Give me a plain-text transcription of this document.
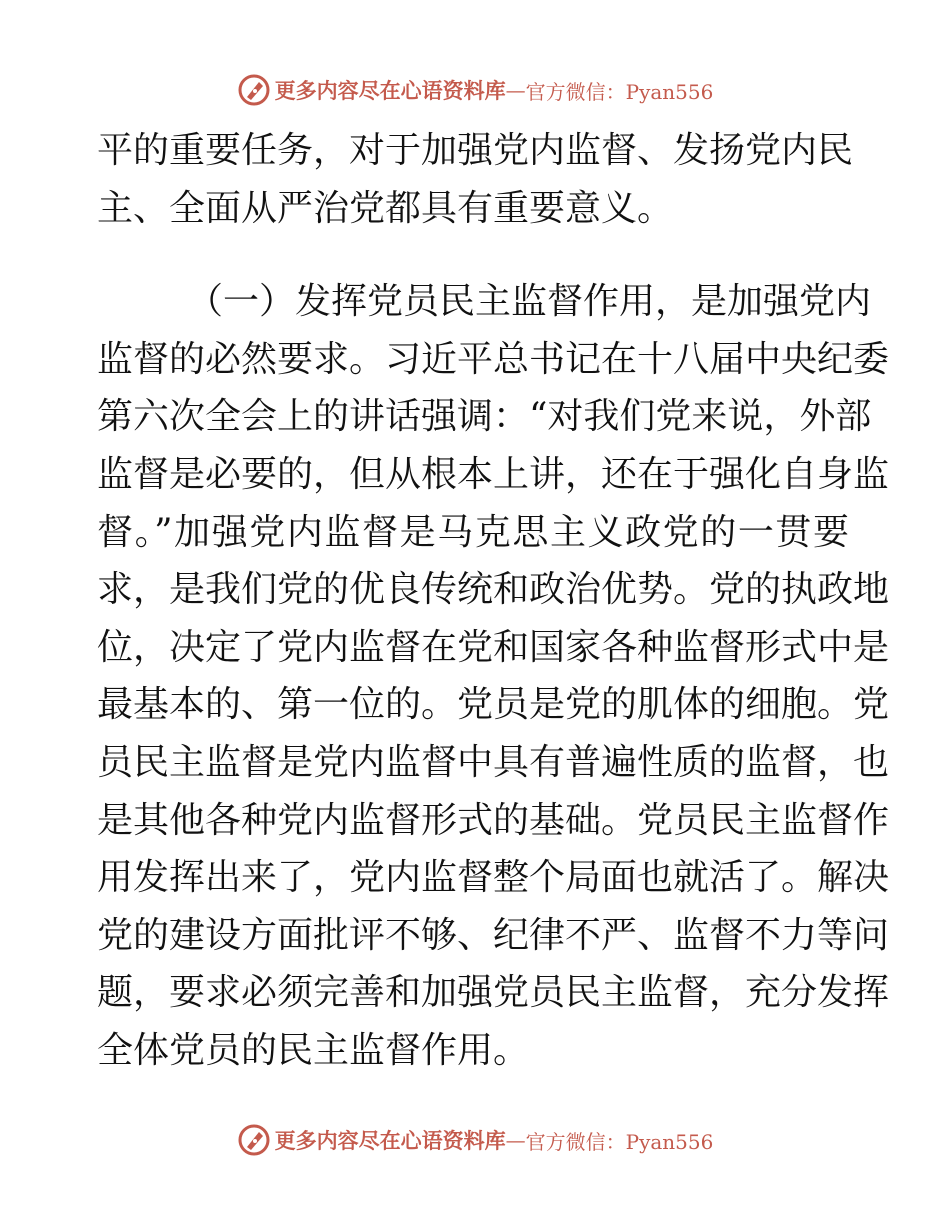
更多内容尽在心语资料库 — 官方微信：Pyan556
平的重要任务，对于加强党内监督、发扬党内民
主、全面从严治党都具有重要意义。
（一）发挥党员民主监督作用，是加强党内
监督的必然要求。习近平总书记在十八届中央纪委
第六次全会上的讲话强调：“对我们党来说，外部
监督是必要的，但从根本上讲，还在于强化自身监
督。”加强党内监督是马克思主义政党的一贯要
求，是我们党的优良传统和政治优势。党的执政地
位，决定了党内监督在党和国家各种监督形式中是
最基本的、第一位的。党员是党的肌体的细胞。党
员民主监督是党内监督中具有普遍性质的监督，也
是其他各种党内监督形式的基础。党员民主监督作
用发挥出来了，党内监督整个局面也就活了。解决
党的建设方面批评不够、纪律不严、监督不力等问
题，要求必须完善和加强党员民主监督，充分发挥
全体党员的民主监督作用。
更多内容尽在心语资料库 — 官方微信：Pyan556
